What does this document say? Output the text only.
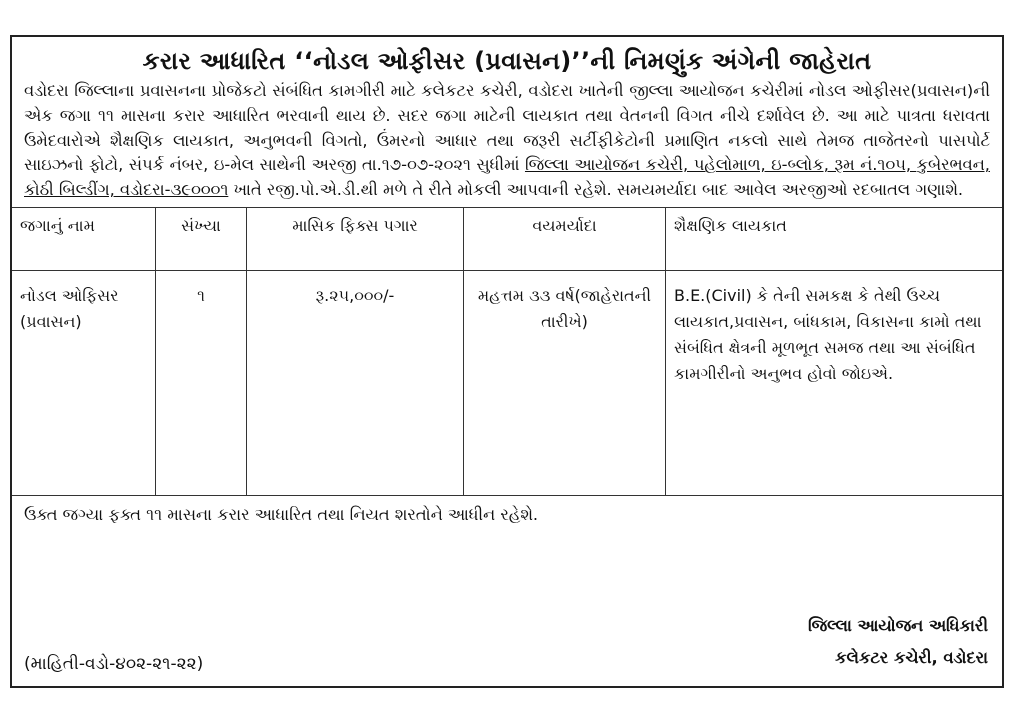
કરાર આધારિત ‘‘નોડલ ઓફીસર (પ્રવાસન)’’ની નિમણુંક અંગેની જાહેરાત
વડોદરા જિલ્લાના પ્રવાસનના પ્રોજેકટો સંબંધિત કામગીરી માટે કલેકટર કચેરી, વડોદરા ખાતેની જીલ્લા આયોજન કચેરીમાં નોડલ ઓફીસર(પ્રવાસન)ની એક જગા ૧૧ માસના કરાર આધારિત ભરવાની થાય છે. સદર જગા માટેની લાયકાત તથા વેતનની વિગત નીચે દર્શાવેલ છે. આ માટે પાત્રતા ધરાવતા ઉમેદવારોએ શૈક્ષણિક લાયકાત, અનુભવની વિગતો, ઉંમરનો આધાર તથા જરૂરી સર્ટીફીકેટોની પ્રમાણિત નકલો સાથે તેમજ તાજેતરનો પાસપોર્ટ સાઇઝનો ફોટો, સંપર્ક નંબર, ઇ-મેલ સાથેની અરજી તા.૧૭-૦૭-૨૦૨૧ સુધીમાં જિલ્લા આયોજન કચેરી, પહેલોમાળ, ઇ-બ્લોક, રૂમ નં.૧૦૫, કુબેરભવન, કોઠી બિલ્ડીંગ, વડોદરા-૩૯૦૦૦૧ ખાતે રજી.પો.એ.ડી.થી મળે તે રીતે મોકલી આપવાની રહેશે. સમયમર્યાદા બાદ આવેલ અરજીઓ રદબાતલ ગણાશે.
જગાનું નામ	સંખ્યા	માસિક ફિક્સ પગાર	વયમર્યાદા	શૈક્ષણિક લાયકાત
નોડલ ઓફિસર (પ્રવાસન)	૧	રૂ.૨૫,૦૦૦/-	મહત્તમ ૩૩ વર્ષ(જાહેરાતની તારીખે)	B.E.(Civil) કે તેની સમકક્ષ કે તેથી ઉચ્ચ લાયકાત,પ્રવાસન, બાંધકામ, વિકાસના કામો તથા સંબંધિત ક્ષેત્રની મૂળભૂત સમજ તથા આ સંબંધિત કામગીરીનો અનુભવ હોવો જોઇએ.
ઉક્ત જગ્યા ફક્ત ૧૧ માસના કરાર આધારિત તથા નિયત શરતોને આધીન રહેશે.
જિલ્લા આયોજન અધિકારી
કલેકટર કચેરી, વડોદરા
(માહિતી-વડો-૪૦૨-૨૧-૨૨)
